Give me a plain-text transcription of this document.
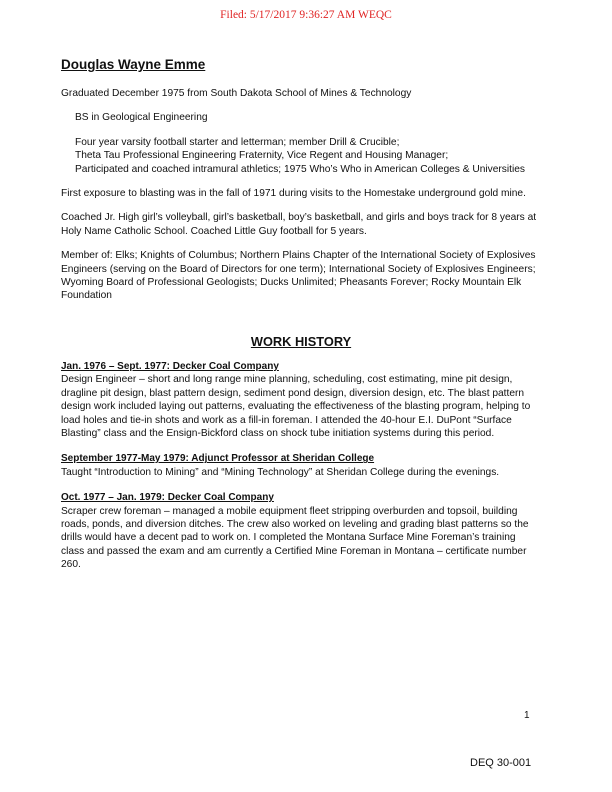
Filed: 5/17/2017 9:36:27 AM WEQC
Douglas Wayne Emme

Graduated December 1975 from South Dakota School of Mines & Technology

BS in Geological Engineering

Four year varsity football starter and letterman; member Drill & Crucible;
Theta Tau Professional Engineering Fraternity, Vice Regent and Housing Manager;
Participated and coached intramural athletics; 1975 Who’s Who in American Colleges & Universities

First exposure to blasting was in the fall of 1971 during visits to the Homestake underground gold mine.

Coached Jr. High girl’s volleyball, girl’s basketball, boy’s basketball, and girls and boys track for 8 years at Holy Name Catholic School. Coached Little Guy football for 5 years.

Member of: Elks; Knights of Columbus; Northern Plains Chapter of the International Society of Explosives Engineers (serving on the Board of Directors for one term); International Society of Explosives Engineers; Wyoming Board of Professional Geologists; Ducks Unlimited; Pheasants Forever; Rocky Mountain Elk Foundation

WORK HISTORY
Jan. 1976 – Sept. 1977: Decker Coal Company
Design Engineer – short and long range mine planning, scheduling, cost estimating, mine pit design, dragline pit design, blast pattern design, sediment pond design, diversion design, etc. The blast pattern design work included laying out patterns, evaluating the effectiveness of the blasting program, helping to load holes and tie-in shots and work as a fill-in foreman. I attended the 40-hour E.I. DuPont “Surface Blasting” class and the Ensign-Bickford class on shock tube initiation systems during this period.
September 1977-May 1979: Adjunct Professor at Sheridan College
Taught “Introduction to Mining” and “Mining Technology” at Sheridan College during the evenings.
Oct. 1977 – Jan. 1979: Decker Coal Company
Scraper crew foreman – managed a mobile equipment fleet stripping overburden and topsoil, building roads, ponds, and diversion ditches. The crew also worked on leveling and grading blast patterns so the drills would have a decent pad to work on. I completed the Montana Surface Mine Foreman’s training class and passed the exam and am currently a Certified Mine Foreman in Montana – certificate number 260.
1
DEQ 30-001
